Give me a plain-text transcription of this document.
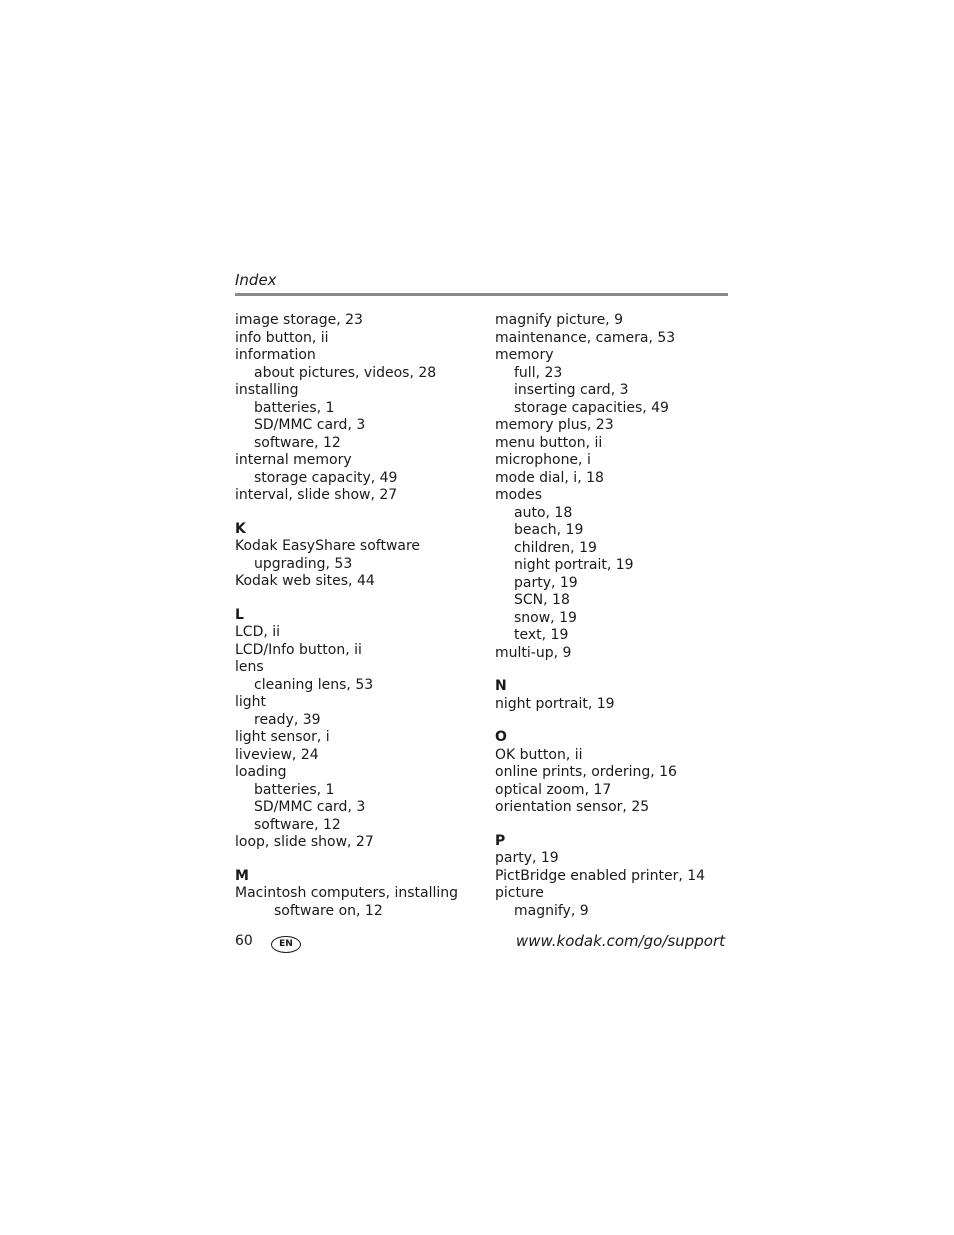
Index
image storage, 23
info button, ii
information
about pictures, videos, 28
installing
batteries, 1
SD/MMC card, 3
software, 12
internal memory
storage capacity, 49
interval, slide show, 27
K
Kodak EasyShare software
upgrading, 53
Kodak web sites, 44
L
LCD, ii
LCD/Info button, ii
lens
cleaning lens, 53
light
ready, 39
light sensor, i
liveview, 24
loading
batteries, 1
SD/MMC card, 3
software, 12
loop, slide show, 27
M
Macintosh computers, installing
software on, 12
magnify picture, 9
maintenance, camera, 53
memory
full, 23
inserting card, 3
storage capacities, 49
memory plus, 23
menu button, ii
microphone, i
mode dial, i, 18
modes
auto, 18
beach, 19
children, 19
night portrait, 19
party, 19
SCN, 18
snow, 19
text, 19
multi-up, 9
N
night portrait, 19
O
OK button, ii
online prints, ordering, 16
optical zoom, 17
orientation sensor, 25
P
party, 19
PictBridge enabled printer, 14
picture
magnify, 9
60	EN	www.kodak.com/go/support
